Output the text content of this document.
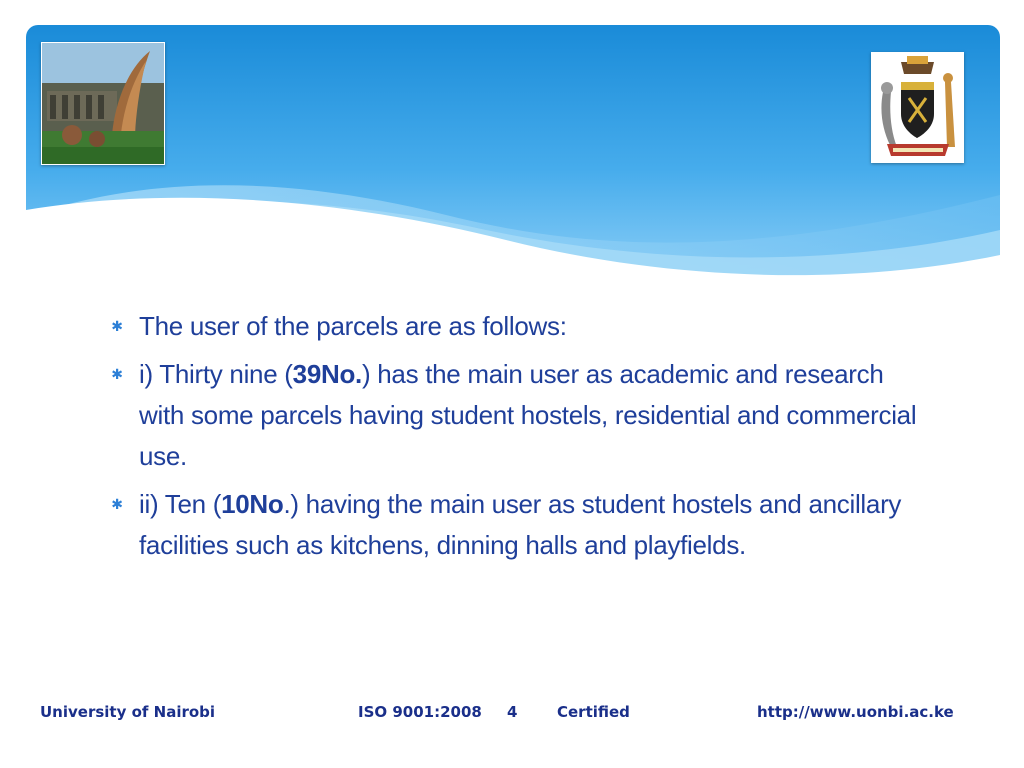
✱ The user of the parcels are as follows:
✱ i) Thirty nine (39No.) has the main user as academic and research with some parcels having student hostels, residential and commercial use.
✱ ii) Ten (10No.) having the main user as student hostels and ancillary facilities such as kitchens, dinning halls and playfields.
University of Nairobi	ISO 9001:2008 4	Certified	http://www.uonbi.ac.ke
